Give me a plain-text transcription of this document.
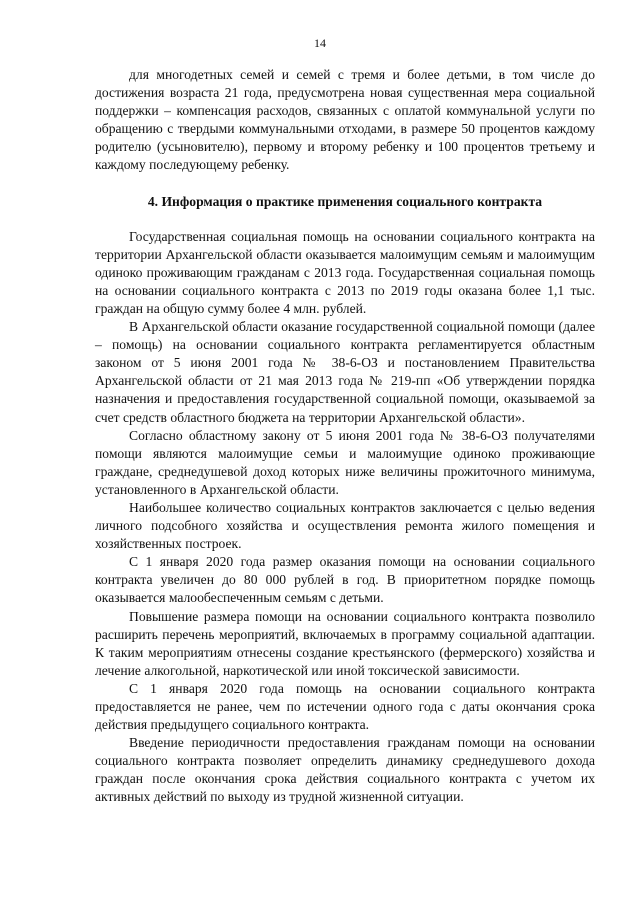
14

для многодетных семей и семей с тремя и более детьми, в том числе до достижения возраста 21 года, предусмотрена новая существенная мера социальной поддержки – компенсация расходов, связанных с оплатой коммунальной услуги по обращению с твердыми коммунальными отходами, в размере 50 процентов каждому родителю (усыновителю), первому и второму ребенку и 100 процентов третьему и каждому последующему ребенку.

4. Информация о практике применения социального контракта

Государственная социальная помощь на основании социального контракта на территории Архангельской области оказывается малоимущим семьям и малоимущим одиноко проживающим гражданам с 2013 года. Государственная социальная помощь на основании социального контракта с 2013 по 2019 годы оказана более 1,1 тыс. граждан на общую сумму более 4 млн. рублей.

В Архангельской области оказание государственной социальной помощи (далее – помощь) на основании социального контракта регламентируется областным законом от 5 июня 2001 года № 38-6-ОЗ и постановлением Правительства Архангельской области от 21 мая 2013 года № 219-пп «Об утверждении порядка назначения и предоставления государственной социальной помощи, оказываемой за счет средств областного бюджета на территории Архангельской области».

Согласно областному закону от 5 июня 2001 года № 38-6-ОЗ получателями помощи являются малоимущие семьи и малоимущие одиноко проживающие граждане, среднедушевой доход которых ниже величины прожиточного минимума, установленного в Архангельской области.

Наибольшее количество социальных контрактов заключается с целью ведения личного подсобного хозяйства и осуществления ремонта жилого помещения и хозяйственных построек.

С 1 января 2020 года размер оказания помощи на основании социального контракта увеличен до 80 000 рублей в год. В приоритетном порядке помощь оказывается малообеспеченным семьям с детьми.

Повышение размера помощи на основании социального контракта позволило расширить перечень мероприятий, включаемых в программу социальной адаптации. К таким мероприятиям отнесены создание крестьянского (фермерского) хозяйства и лечение алкогольной, наркотической или иной токсической зависимости.

С 1 января 2020 года помощь на основании социального контракта предоставляется не ранее, чем по истечении одного года с даты окончания срока действия предыдущего социального контракта.

Введение периодичности предоставления гражданам помощи на основании социального контракта позволяет определить динамику среднедушевого дохода граждан после окончания срока действия социального контракта с учетом их активных действий по выходу из трудной жизненной ситуации.
